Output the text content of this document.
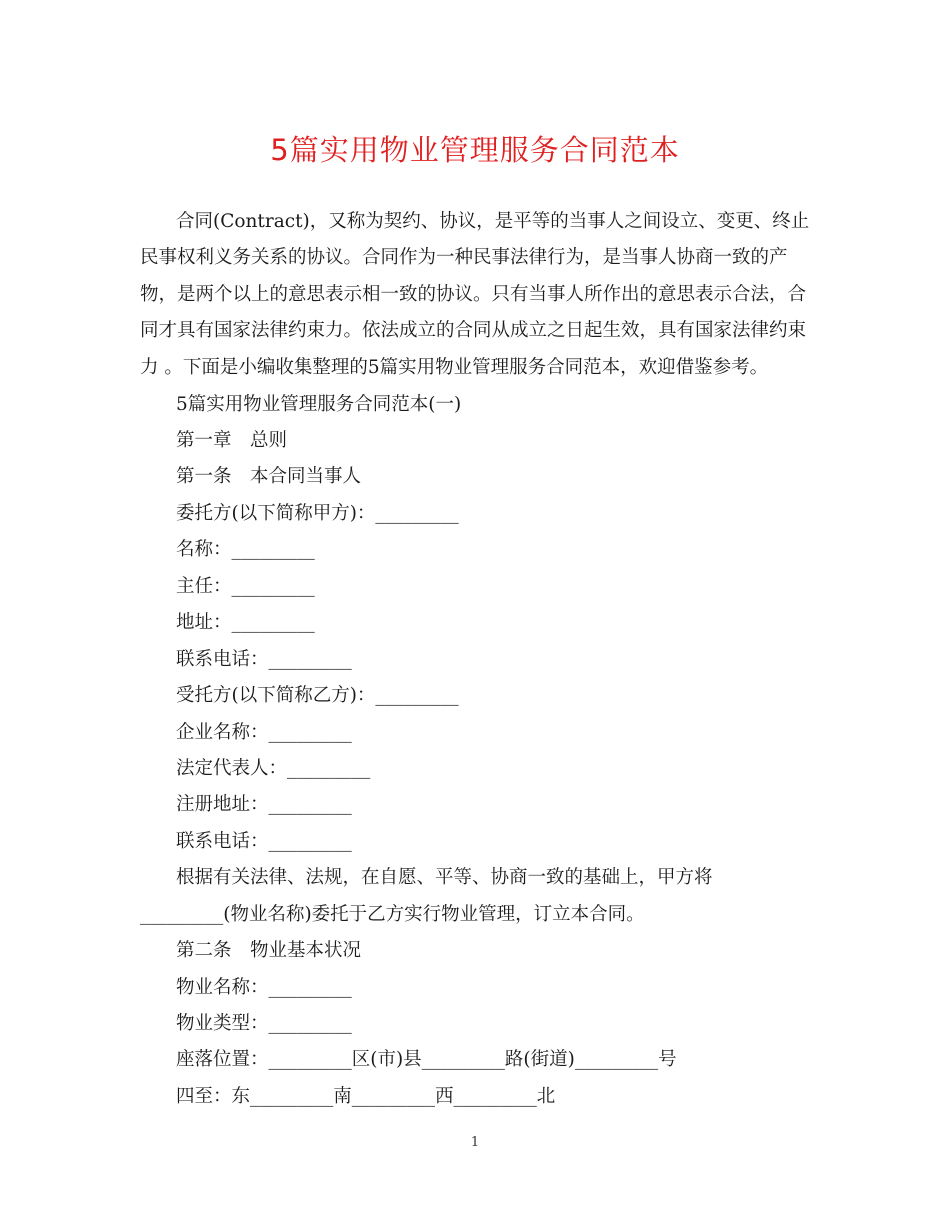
5篇实用物业管理服务合同范本
合同(Contract)，又称为契约、协议，是平等的当事人之间设立、变更、终止
民事权利义务关系的协议。合同作为一种民事法律行为，是当事人协商一致的产
物，是两个以上的意思表示相一致的协议。只有当事人所作出的意思表示合法，合
同才具有国家法律约束力。依法成立的合同从成立之日起生效，具有国家法律约束
力 。下面是小编收集整理的5篇实用物业管理服务合同范本，欢迎借鉴参考。
5篇实用物业管理服务合同范本(一)
第一章　总则
第一条　本合同当事人
委托方(以下简称甲方)：_________
名称：_________
主任：_________
地址：_________
联系电话：_________
受托方(以下简称乙方)：_________
企业名称：_________
法定代表人：_________
注册地址：_________
联系电话：_________
根据有关法律、法规，在自愿、平等、协商一致的基础上，甲方将
_________(物业名称)委托于乙方实行物业管理，订立本合同。
第二条　物业基本状况
物业名称：_________
物业类型：_________
座落位置：_________区(市)县_________路(街道)_________号
四至：东_________南_________西_________北
1
